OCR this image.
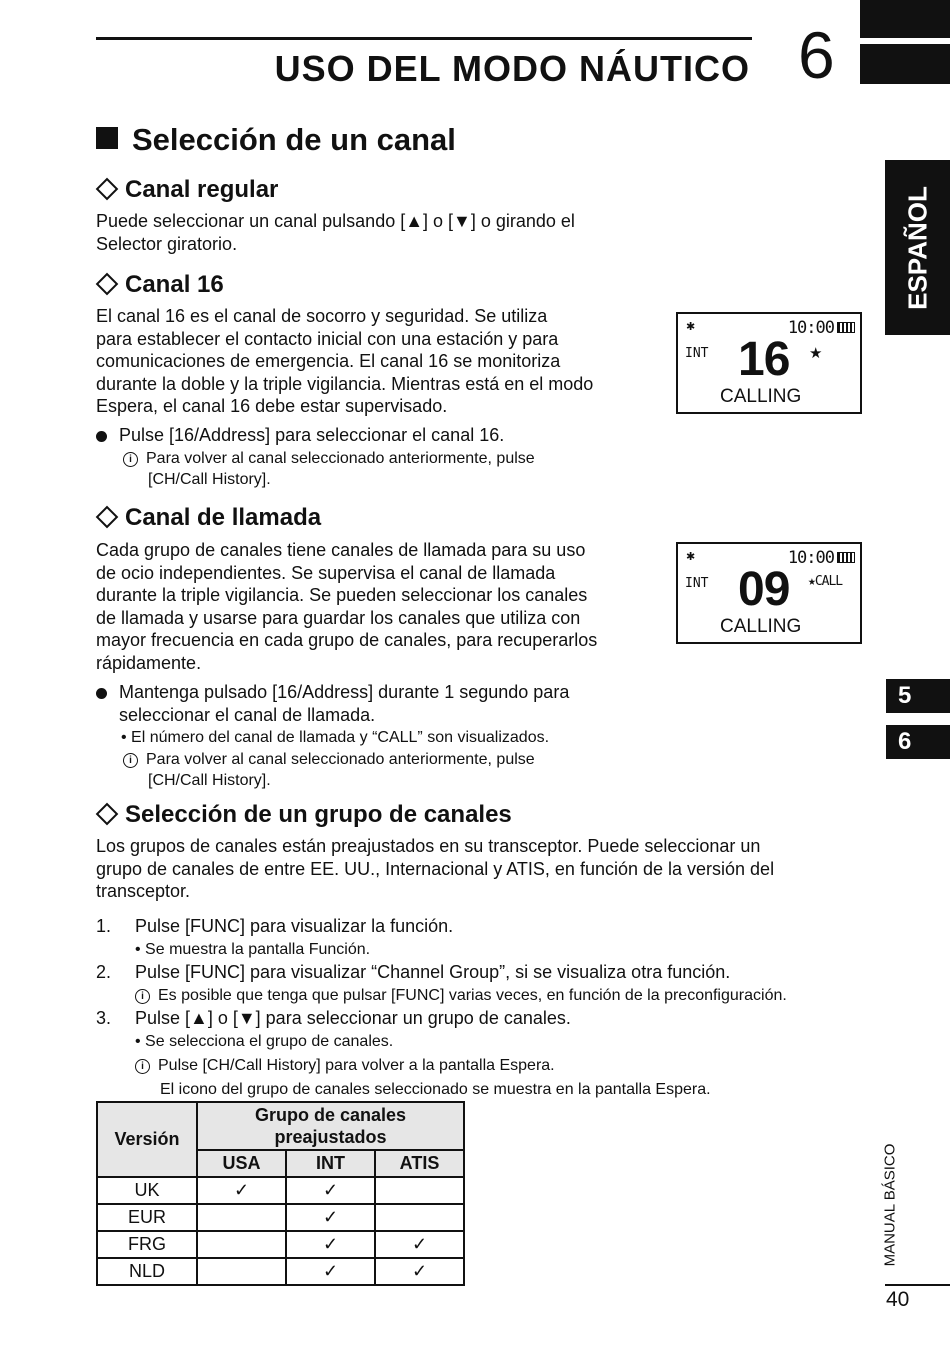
USO DEL MODO NÁUTICO 6
ESPAÑOL
5
6
MANUAL BÁSICO
40
Selección de un canal
Canal regular

Puede seleccionar un canal pulsando [▲] o [▼] o girando el
Selector giratorio.

Canal 16

El canal 16 es el canal de socorro y seguridad. Se utiliza
para establecer el contacto inicial con una estación y para
comunicaciones de emergencia. El canal 16 se monitoriza
durante la doble y la triple vigilancia. Mientras está en el modo
Espera, el canal 16 debe estar supervisado.

Pulse [16/Address] para seleccionar el canal 16.
i Para volver al canal seleccionado anteriormente, pulse
[CH/Call History].
✱	10:00
INT 16 ★
CALLING
Canal de llamada

Cada grupo de canales tiene canales de llamada para su uso
de ocio independientes. Se supervisa el canal de llamada
durante la triple vigilancia. Se pueden seleccionar los canales
de llamada y usarse para guardar los canales que utiliza con
mayor frecuencia en cada grupo de canales, para recuperarlos
rápidamente.

Mantenga pulsado [16/Address] durante 1 segundo para
seleccionar el canal de llamada.
• El número del canal de llamada y “CALL” son visualizados.
i Para volver al canal seleccionado anteriormente, pulse
[CH/Call History].
✱	10:00
INT 09 ★CALL
CALLING
Selección de un grupo de canales

Los grupos de canales están preajustados en su transceptor. Puede seleccionar un
grupo de canales de entre EE. UU., Internacional y ATIS, en función de la versión del
transceptor.

1. Pulse [FUNC] para visualizar la función.
• Se muestra la pantalla Función.
2. Pulse [FUNC] para visualizar “Channel Group”, si se visualiza otra función.
i Es posible que tenga que pulsar [FUNC] varias veces, en función de la preconfiguración.
3. Pulse [▲] o [▼] para seleccionar un grupo de canales.
• Se selecciona el grupo de canales.
i Pulse [CH/Call History] para volver a la pantalla Espera.
El icono del grupo de canales seleccionado se muestra en la pantalla Espera.
Versión	Grupo de canales
preajustados		
	USA	INT	ATIS
UK	✓	✓	
EUR		✓	
FRG		✓	✓
NLD		✓	✓
